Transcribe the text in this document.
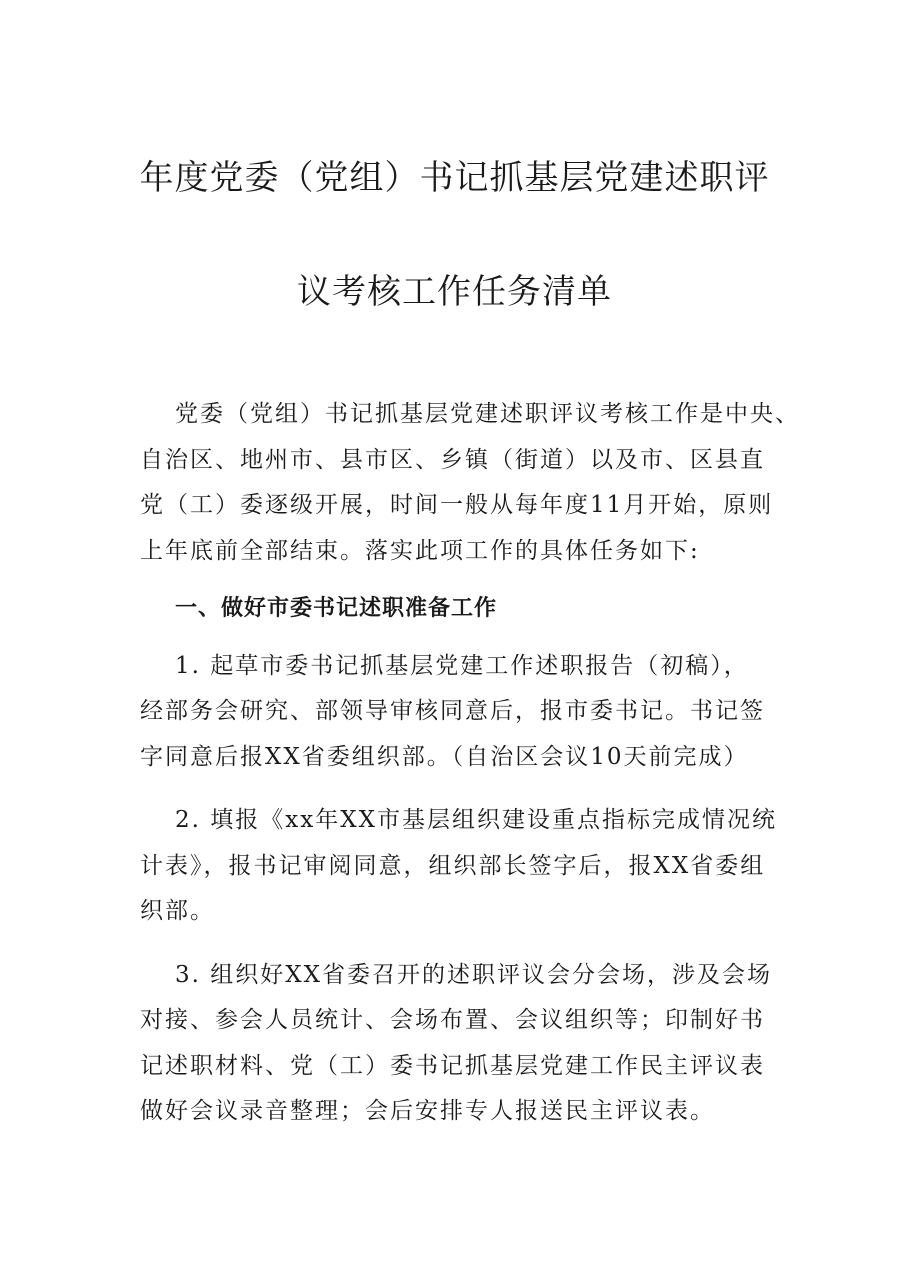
年度党委（党组）书记抓基层党建述职评
议考核工作任务清单
党委（党组）书记抓基层党建述职评议考核工作是中央、
自治区、地州市、县市区、乡镇（街道）以及市、区县直
党（工）委逐级开展，时间一般从每年度11月开始，原则
上年底前全部结束。落实此项工作的具体任务如下:
一、做好市委书记述职准备工作
1. 起草市委书记抓基层党建工作述职报告（初稿），
经部务会研究、部领导审核同意后，报市委书记。书记签
字同意后报XX省委组织部。（自治区会议10天前完成）
2. 填报《xx年XX市基层组织建设重点指标完成情况统
计表》，报书记审阅同意，组织部长签字后，报XX省委组
织部。
3. 组织好XX省委召开的述职评议会分会场，涉及会场
对接、参会人员统计、会场布置、会议组织等；印制好书
记述职材料、党（工）委书记抓基层党建工作民主评议表
做好会议录音整理；会后安排专人报送民主评议表。
